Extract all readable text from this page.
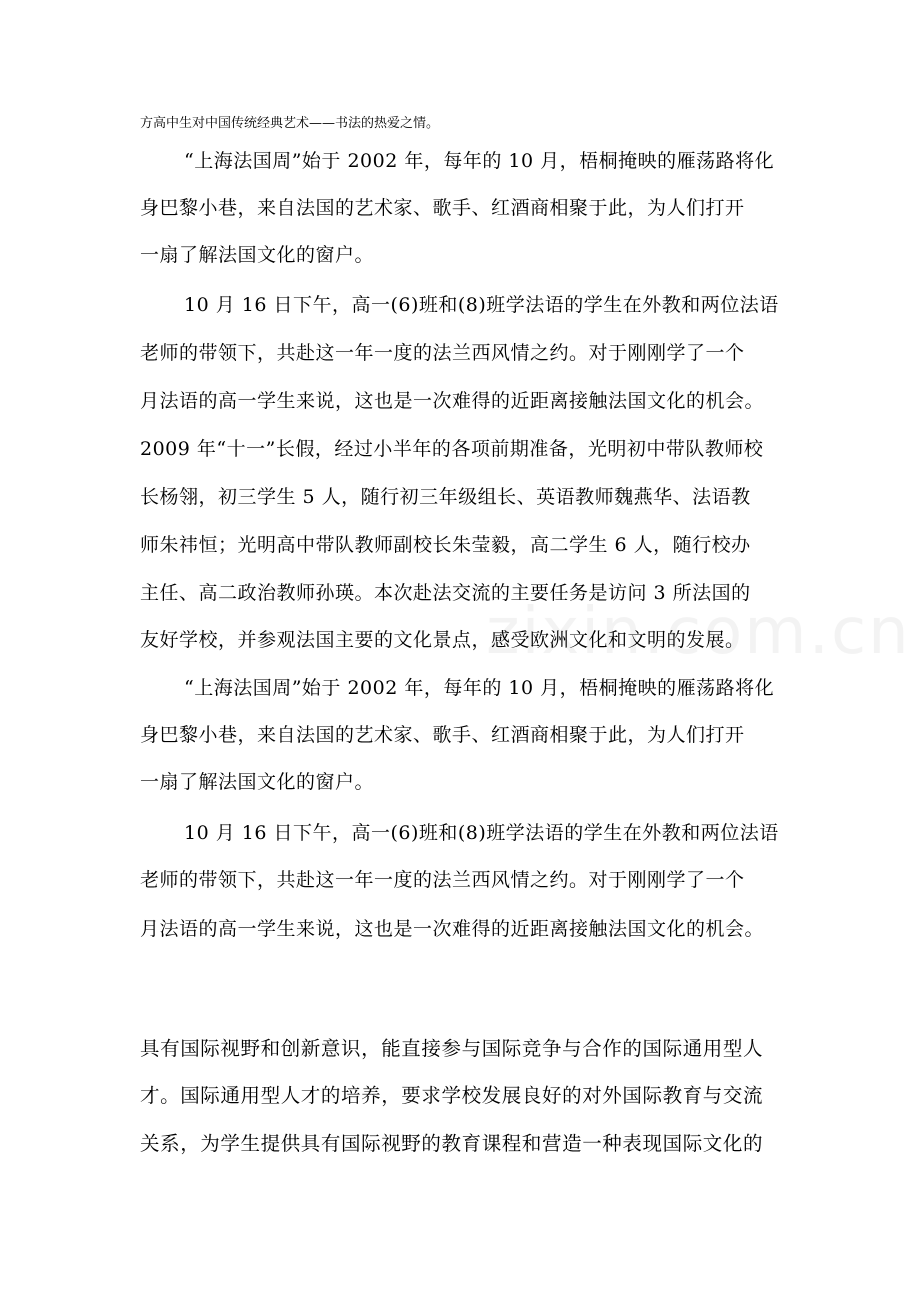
方高中生对中国传统经典艺术——书法的热爱之情。
“上海法国周”始于 2002 年，每年的 10 月，梧桐掩映的雁荡路将化
身巴黎小巷，来自法国的艺术家、歌手、红酒商相聚于此，为人们打开
一扇了解法国文化的窗户。
10 月 16 日下午，高一(6)班和(8)班学法语的学生在外教和两位法语
老师的带领下，共赴这一年一度的法兰西风情之约。对于刚刚学了一个
月法语的高一学生来说，这也是一次难得的近距离接触法国文化的机会。
2009 年“十一”长假，经过小半年的各项前期准备，光明初中带队教师校
长杨翎，初三学生 5 人，随行初三年级组长、英语教师魏燕华、法语教
师朱祎恒；光明高中带队教师副校长朱莹毅，高二学生 6 人，随行校办
主任、高二政治教师孙瑛。本次赴法交流的主要任务是访问 3 所法国的
友好学校，并参观法国主要的文化景点，感受欧洲文化和文明的发展。
“上海法国周”始于 2002 年，每年的 10 月，梧桐掩映的雁荡路将化
身巴黎小巷，来自法国的艺术家、歌手、红酒商相聚于此，为人们打开
一扇了解法国文化的窗户。
10 月 16 日下午，高一(6)班和(8)班学法语的学生在外教和两位法语
老师的带领下，共赴这一年一度的法兰西风情之约。对于刚刚学了一个
月法语的高一学生来说，这也是一次难得的近距离接触法国文化的机会。
具有国际视野和创新意识，能直接参与国际竞争与合作的国际通用型人
才。国际通用型人才的培养，要求学校发展良好的对外国际教育与交流
关系，为学生提供具有国际视野的教育课程和营造一种表现国际文化的
